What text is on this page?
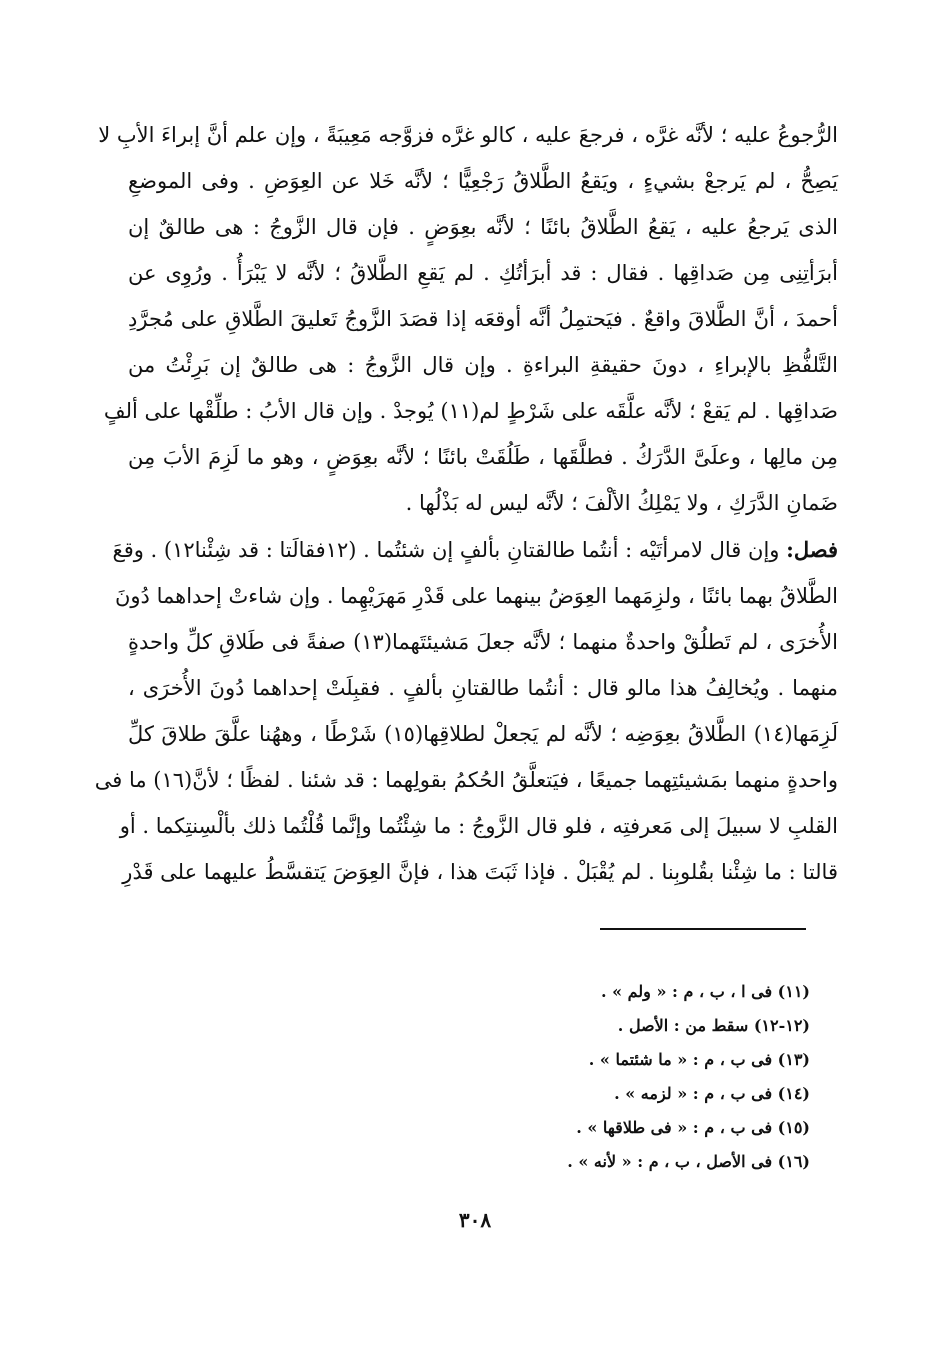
الرُّجوعُ عليه ؛ لأنَّه غرَّه ، فرجعَ عليه ، كالو غرَّه فزوَّجه مَعِيبَةً ، وإن علم أنَّ إبراءَ الأبِ لا
يَصِحُّ ، لم يَرجعْ بشيءٍ ، ويَقعُ الطَّلاقُ رَجْعِيًّا ؛ لأنَّه خَلا عن العِوَضِ . وفى الموضعِ
الذى يَرجعُ عليه ، يَقعُ الطَّلاقُ بائنًا ؛ لأنَّه بعِوَضٍ . فإن قال الزَّوجُ : هى طالقٌ إن
أبرَأتِنِى مِن صَداقِها . فقال : قد أبرَأتُكِ . لم يَقعِ الطَّلاقُ ؛ لأنَّه لا يَبْرَأُ . ورُوِى عن
أحمدَ ، أنَّ الطَّلاقَ واقعٌ . فيَحتمِلُ أنَّه أوقعَه إذا قصَدَ الزَّوجُ تَعليقَ الطَّلاقِ على مُجرَّدِ
التَّلفُّظِ بالإبراءِ ، دونَ حقيقةِ البراءةِ . وإن قال الزَّوجُ : هى طالقٌ إن بَرِئْتُ من
صَداقِها . لم يَقعْ ؛ لأنَّه علَّقَه على شَرْطٍ لم(١١) يُوجدْ . وإن قال الأبُ : طلِّقْها على ألفٍ
مِن مالِها ، وعلَىَّ الدَّرَكُ . فطلَّقَها ، طَلُقَتْ بائنًا ؛ لأنَّه بعِوَضٍ ، وهو ما لَزِمَ الأبَ مِن
ضَمانِ الدَّرَكِ ، ولا يَمْلِكُ الألْفَ ؛ لأنَّه ليس له بَذْلُها .
فصل: وإن قال لامرأتَيْه : أنتُما طالقتانِ بألفٍ إن شئتُما . (١٢فقالَتا : قد شِئْنا١٢) . وقعَ
الطَّلاقُ بهما بائنًا ، ولزِمَهما العِوَضُ بينهما على قَدْرِ مَهرَيْهِما . وإن شاءتْ إحداهما دُونَ
الأُخرَى ، لم تَطلُقْ واحدةٌ منهما ؛ لأنَّه جعلَ مَشيئتَهما(١٣) صفةً فى طَلاقِ كلِّ واحدةٍ
منهما . ويُخالِفُ هذا مالو قال : أنتُما طالقتانِ بألفٍ . فقبِلَتْ إحداهما دُونَ الأُخرَى ،
لَزِمَها(١٤) الطَّلاقُ بعِوَضِه ؛ لأنَّه لم يَجعلْ لطلاقِها(١٥) شَرْطًا ، وههُنا علَّقَ طلاقَ كلِّ
واحدةٍ منهما بمَشيئتِهما جميعًا ، فيَتعلَّقُ الحُكمُ بقولِهما : قد شئنا . لفظًا ؛ لأنَّ(١٦) ما فى
القلبِ لا سبيلَ إلى مَعرفتِه ، فلو قال الزَّوجُ : ما شِئْتُما وإنَّما قُلْتُما ذلك بألْسِنتِكما . أو
قالتا : ما شِئْنا بقُلوبِنا . لم يُقْبَلْ . فإذا ثَبَتَ هذا ، فإنَّ العِوَضَ يَتقسَّطُ عليهما على قَدْرِ
(١١) فى ا ، ب ، م : « ولم » .
(١٢-١٢) سقط من : الأصل .
(١٣) فى ب ، م : « ما شئتما » .
(١٤) فى ب ، م : « لزمه » .
(١٥) فى ب ، م : « فى طلاقها » .
(١٦) فى الأصل ، ب ، م : « لأنه » .
٣٠٨
